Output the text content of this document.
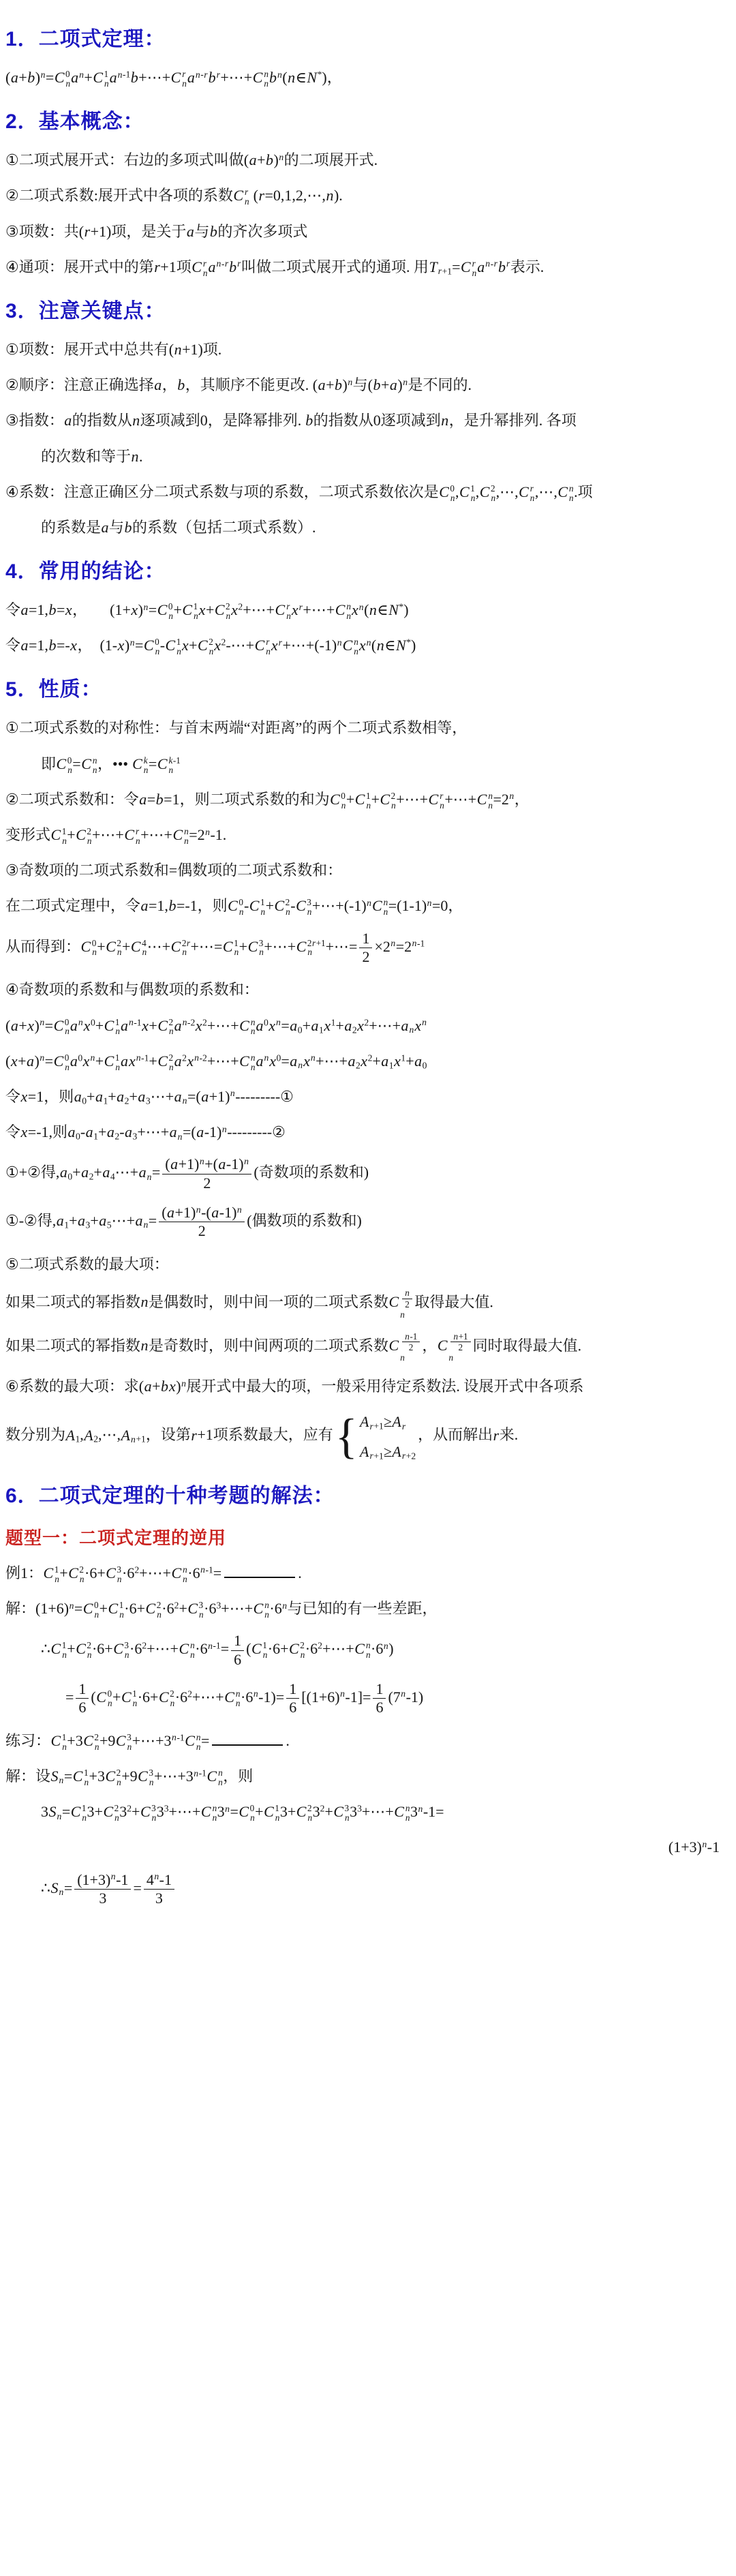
1．二项式定理：
$(a+b)^n=C$ 0
n $a^n+C$ 1
n $a^{n-1}b+\cdots+C$ r
n $a^{n-r}b^r+\cdots+C$ n
n $b^n(n\in N^*)$，
2．基本概念：
①二项式展开式：右边的多项式叫做$(a+b)^n$的二项展开式.
②二项式系数:展开式中各项的系数C r
n (r=0,1,2,⋯,n).
③项数：共(r+1)项，是关于a与b的齐次多项式
④通项：展开式中的第r+1项C r
n $a^{n-r}b^r$叫做二项式展开式的通项. 用$T_{r+1}=C$ r
n $a^{n-r}b^r$表示.
3．注意关键点：
①项数：展开式中总共有(n+1)项.
②顺序：注意正确选择a，b，其顺序不能更改. $(a+b)^n$与$(b+a)^n$是不同的.
③指数：a的指数从n逐项减到0，是降幂排列. b的指数从0逐项减到n，是升幂排列. 各项
的次数和等于n.
④系数：注意正确区分二项式系数与项的系数，二项式系数依次是C 0
n ,C 1
n ,C 2
n ,⋯,C r
n ,⋯,C n
n .项
的系数是a与b的系数（包括二项式系数）.
4．常用的结论：
令a=1,b=x，　　$(1+x)^n=C$ 0
n +C 1
n x+C 2
n $x^2+\cdots+C$ r
n $x^r+\cdots+C$ n
n $x^n(n\in N^*)$
令a=1,b=-x，　$(1-x)^n=C$ 0
n -C 1
n x+C 2
n $x^2-\cdots+C$ r
n $x^r+\cdots+(-1)^nC$ n
n $x^n(n\in N^*)$
5．性质：
①二项式系数的对称性：与首末两端“对距离”的两个二项式系数相等，
即C 0
n =C n
n ，••• C k
n =C k-1
n
②二项式系数和：令a=b=1，则二项式系数的和为C 0
n +C 1
n +C 2
n +⋯+C r
n +⋯+C n
$n =2^n$，
变形式C 1
n +C 2
n +⋯+C r
n +⋯+C n
$n =2^n-1$.
③奇数项的二项式系数和=偶数项的二项式系数和：
在二项式定理中，令a=1,b=-1，则C 0
n -C 1
n +C 2
n -C 3
$n +\cdots+(-1)^nC$ n
$n =(1-1)^n=0$，
从而得到：C 0
n +C 2
n +C 4
n ⋯+C 2r
n +⋯=C 1
n +C 3
n +⋯+C 2r+1
n +⋯= $\frac{1}{2} \times 2^n=2^{n-1}$
④奇数项的系数和与偶数项的系数和：
$(a+x)^n=C$ 0
n $a^nx^0+C$ 1
n $a^{n-1}x+C$ 2
n $a^{n-2}x^2+\cdots+C$ n
n $a^0x^n=a_0+a_1x^1+a_2x^2+\cdots+a_nx^n$
$(x+a)^n=C$ 0
n $a^0x^n+C$ 1
n $ax^{n-1}+C$ 2
n $a^2x^{n-2}+\cdots+C$ n
n $a^nx^0=a_nx^n+\cdots+a_2x^2+a_1x^1+a_0$
令x=1，则$a_0+a_1+a_2+a_3\cdots+a_n=(a+1)^n---------①$
令x=-1,则$a_0-a_1+a_2-a_3+\cdots+a_n=(a-1)^n---------②$
①+②得$,a_0+a_2+a_4\cdots+a_n= \frac{(a+1)^n+(a-1)^n}{2}$ (奇数项的系数和)
①-②得$,a_1+a_3+a_5\cdots+a_n= \frac{(a+1)^n-(a-1)^n}{2}$ (偶数项的系数和)
⑤二项式系数的最大项：
如果二项式的幂指数n是偶数时，则中间一项的二项式系数C $\frac{n}{2}$
n
取得最大值.
如果二项式的幂指数n是奇数时，则中间两项的二项式系数C $\frac{n-1}{2}$
n
，C $\frac{n+1}{2}$
n
同时取得最大值.
⑥系数的最大项：求$(a+bx)^n$展开式中最大的项，一般采用待定系数法. 设展开式中各项系
数分别为$A_1,A_2,\cdots,A_{n+1}$，设第r+1项系数最大，应有 { $A_{r+1}\ge A_r$
$A_{r+1}\ge A_{r+2}$
，从而解出r来.
6．二项式定理的十种考题的解法：
题型一：二项式定理的逆用
例1：C 1
n +C 2
n ·6+C 3
$n \cdot 6^2+\cdots+C$ n
$n \cdot 6^{n-1}=$	.
解：$(1+6)^n=C$ 0
n +C 1
n ·6+C 2
$n \cdot 6^2+C$ 3
$n \cdot 6^3+\cdots+C$ n
$n \cdot 6^n$与已知的有一些差距，
∴C 1
n +C 2
n ·6+C 3
$n \cdot 6^2+\cdots+C$ n
$n \cdot 6^{n-1}= \frac{1}{6} (C$ 1
n ·6+C 2
$n \cdot 6^2+\cdots+C$ n
$n \cdot 6^n$)
= $\frac{1}{6} (C$ 0
n +C 1
n ·6+C 2
$n \cdot 6^2+\cdots+C$ n
$n \cdot 6^n-1)= \frac{1}{6} [(1+6)^n-1]= \frac{1}{6} (7^n-1)$
练习：C 1
n +3C 2
n +9C 3
$n +\cdots+3^{n-1}C$ n
n =	.
解：设$S_n=C$ 1
n +3C 2
n +9C 3
$n +\cdots+3^{n-1}C$ n
n ，则
$3S_n=C$ 1
n 3+C 2
n $3^2+C$ 3
n $3^3+\cdots+C$ n
n $3^n=C$ 0
n +C 1
n 3+C 2
n $3^2+C$ 3
n $3^3+\cdots+C$ n
n $3^n-1=$
$(1+3)^n-1$
$\therefore S_n= \frac{(1+3)^n-1}{3} = \frac{4^n-1}{3}$
